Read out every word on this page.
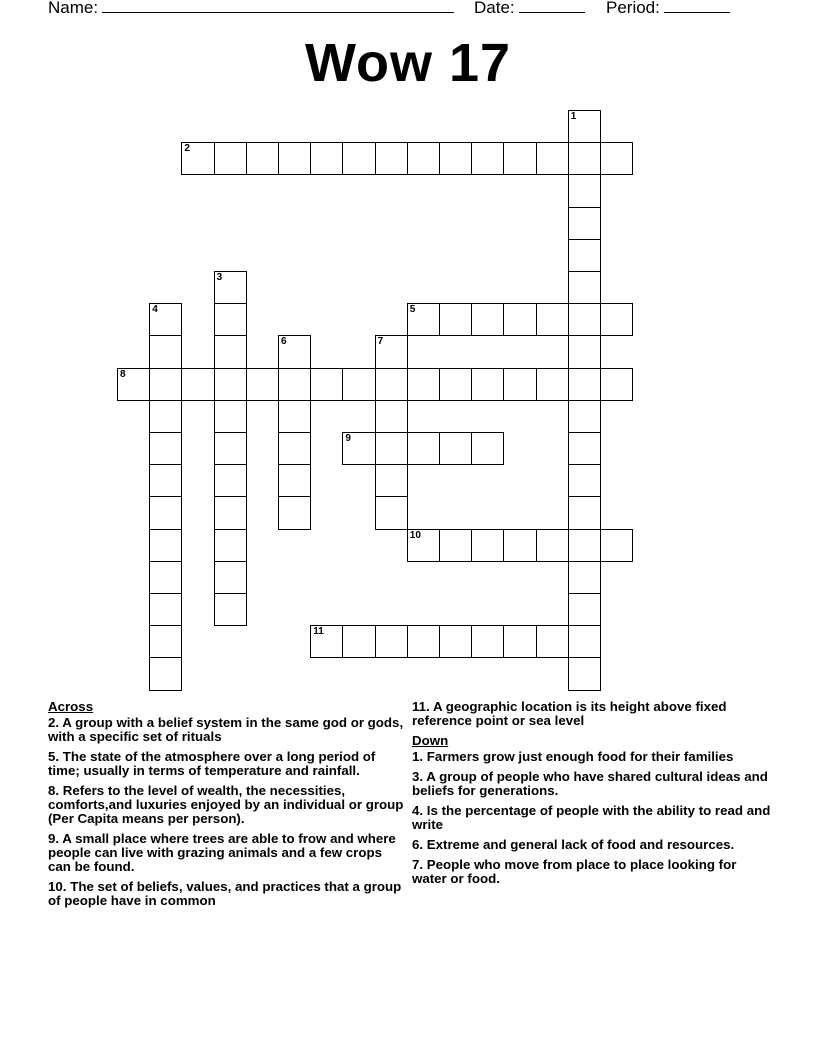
Name:	Date:	Period:
Wow 17
1
2
3
4	5
6	7
8
9
10
11
Across
2. A group with a belief system in the same god or gods, with a specific set of rituals
5. The state of the atmosphere over a long period of time; usually in terms of temperature and rainfall.
8. Refers to the level of wealth, the necessities, comforts,and luxuries enjoyed by an individual or group (Per Capita means per person).
9. A small place where trees are able to frow and where people can live with grazing animals and a few crops can be found.
10. The set of beliefs, values, and practices that a group of people have in common
11. A geographic location is its height above fixed reference point or sea level
Down
1. Farmers grow just enough food for their families
3. A group of people who have shared cultural ideas and beliefs for generations.
4. Is the percentage of people with the ability to read and write
6. Extreme and general lack of food and resources.
7. People who move from place to place looking for water or food.
